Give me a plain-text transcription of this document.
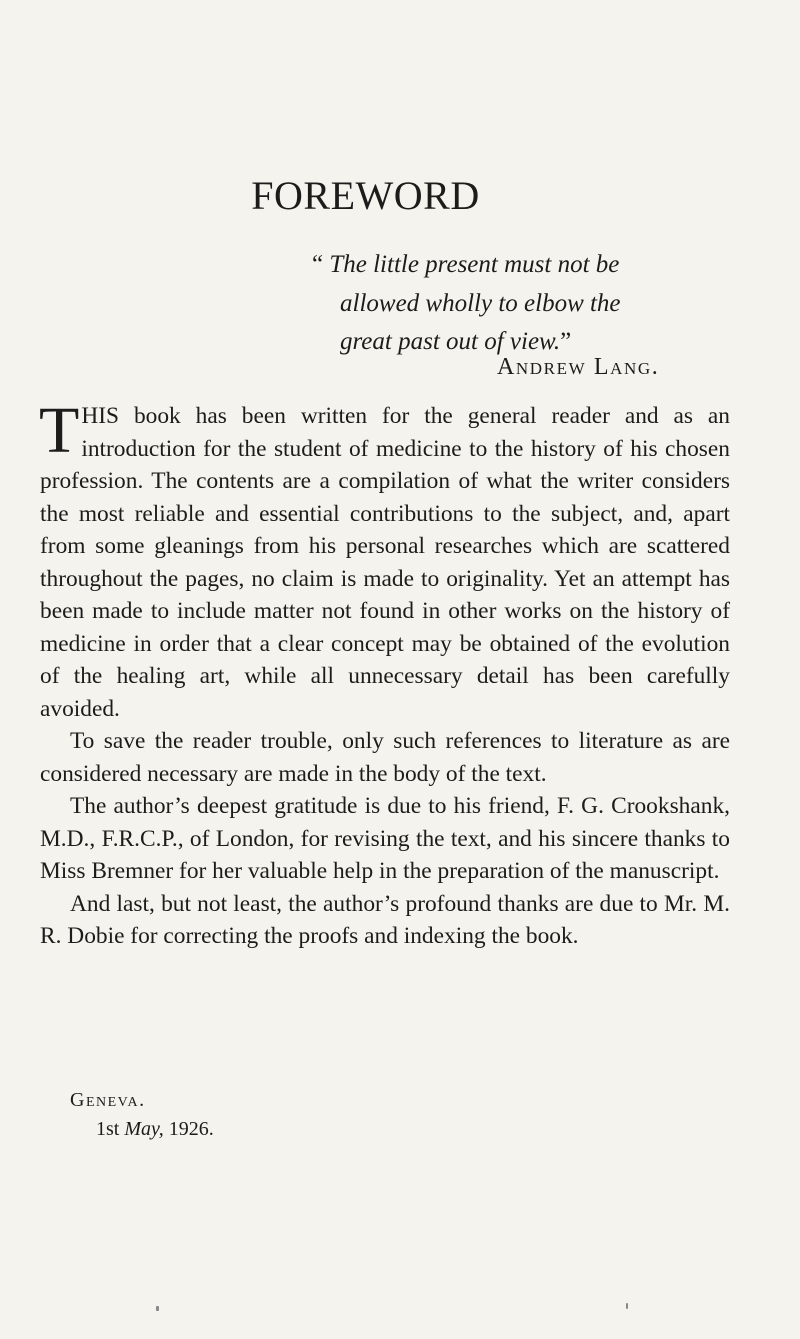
FOREWORD
“ The little present must not be
allowed wholly to elbow the
great past out of view.”
Andrew Lang.

THIS book has been written for the general reader and as an introduction for the student of medicine to the history of his chosen profession. The contents are a compilation of what the writer considers the most reliable and essential contributions to the subject, and, apart from some gleanings from his personal researches which are scattered throughout the pages, no claim is made to originality. Yet an attempt has been made to include matter not found in other works on the history of medicine in order that a clear concept may be obtained of the evolution of the healing art, while all unnecessary detail has been carefully avoided.

To save the reader trouble, only such references to literature as are considered necessary are made in the body of the text.

The author’s deepest gratitude is due to his friend, F. G. Crookshank, M.D., F.R.C.P., of London, for revising the text, and his sincere thanks to Miss Bremner for her valuable help in the preparation of the manuscript.

And last, but not least, the author’s profound thanks are due to Mr. M. R. Dobie for correcting the proofs and indexing the book.

Geneva.
1st May, 1926.
